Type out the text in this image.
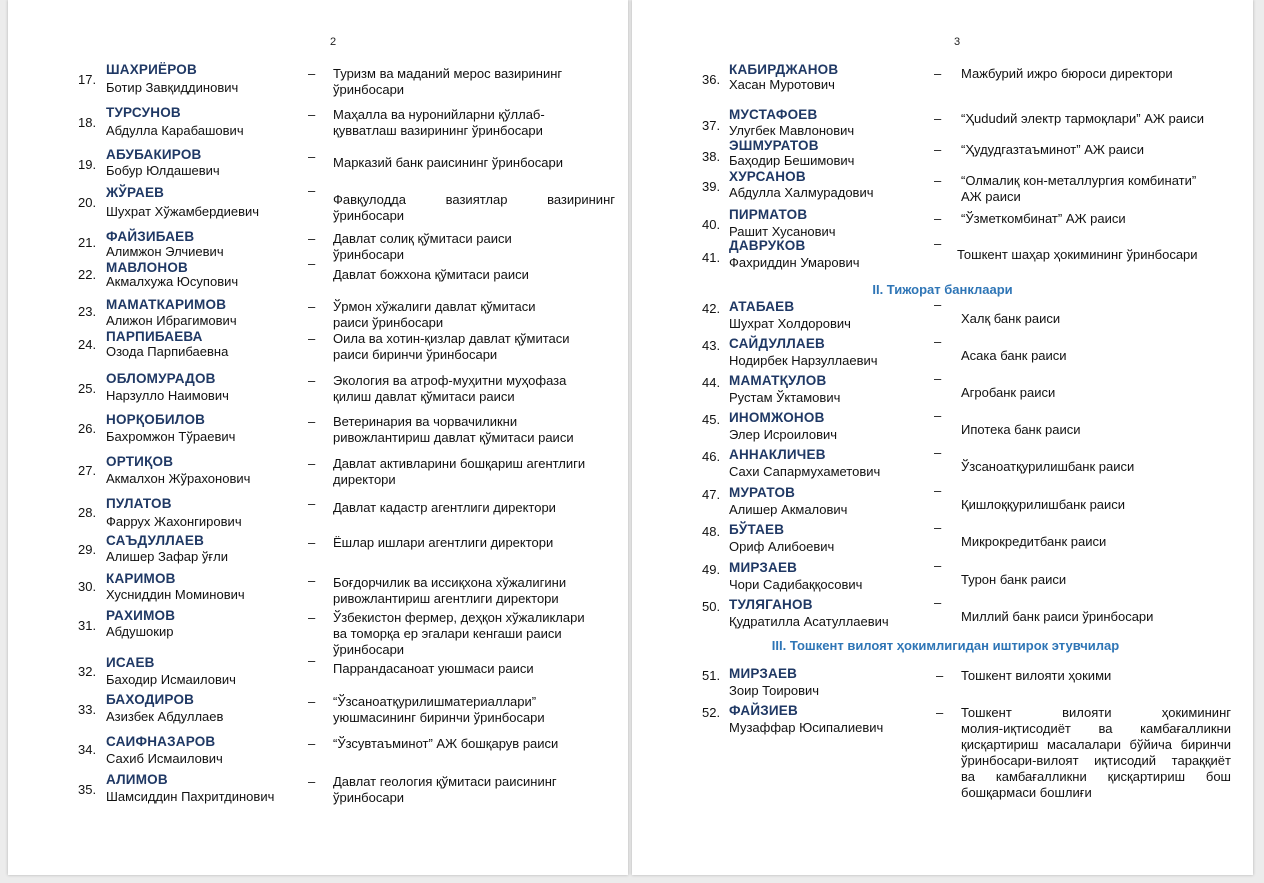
2
17.
ШАХРИЁРОВ
Ботир Завқиддинович
– Туризм ва маданий мерос вазирининг
ўринбосари
18.
ТУРСУНОВ
Абдулла Карабашович
– Маҳалла ва нуронийларни қўллаб-
қувватлаш вазирининг ўринбосари
19.
АБУБАКИРОВ
Бобур Юлдашевич
– Марказий банк раисининг ўринбосари
20.
ЖЎРАЕВ
Шухрат Хўжамбердиевич
–
Фавқулодда вазиятлар вазирининг
ўринбосари
21. ФАЙЗИБАЕВ
Алимжон Элчиевич
– Давлат солиқ қўмитаси раиси
ўринбосари
22. МАВЛОНОВ
Акмалхужа Юсупович
–
Давлат божхона қўмитаси раиси
23. МАМАТКАРИМОВ
Алижон Ибрагимович
– Ўрмон хўжалиги давлат қўмитаси
раиси ўринбосари
24.
ПАРПИБАЕВА
Озода Парпибаевна
– Оила ва хотин-қизлар давлат қўмитаси
раиси биринчи ўринбосари
25.
ОБЛОМУРАДОВ
Нарзулло Наимович
– Экология ва атроф-муҳитни муҳофаза
қилиш давлат қўмитаси раиси
26.
НОРҚОБИЛОВ
Бахромжон Тўраевич
– Ветеринария ва чорвачиликни
ривожлантириш давлат қўмитаси раиси
27.
ОРТИҚОВ
Акмалхон Жўрахонович
– Давлат активларини бошқариш агентлиги
директори
28.
ПУЛАТОВ
Фаррух Жахонгирович
– Давлат кадастр агентлиги директори
29.
САЪДУЛЛАЕВ
Алишер Зафар ўғли
– Ёшлар ишлари агентлиги директори
30.
КАРИМОВ
Хусниддин Моминович
– Боғдорчилик ва иссиқхона хўжалигини
ривожлантириш агентлиги директори
31.
РАХИМОВ
Абдушокир
– Ўзбекистон фермер, деҳқон хўжаликлари
ва томорқа ер эгалари кенгаши раиси
ўринбосари
32.
ИСАЕВ
Баходир Исмаилович
–
Паррандасаноат уюшмаси раиси
33.
БАХОДИРОВ
Азизбек Абдуллаев
– “Ўзсаноатқурилишматериаллари”
уюшмасининг биринчи ўринбосари
34.
САИФНАЗАРОВ
Сахиб Исмаилович
– “Ўзсувтаъминот” АЖ бошқарув раиси
35.
АЛИМОВ
Шамсиддин Пахритдинович
– Давлат геология қўмитаси раисининг
ўринбосари
3
II. Тижорат банклаари
III. Тошкент вилоят ҳокимлигидан иштирок этувчилар
36.
КАБИРДЖАНОВ
Хасан Муротович
– Мажбурий ижро бюроси директори
37.
МУСТАФОЕВ
Улугбек Мавлонович
– “Ҳududий электр тармоқлари” АЖ раиси
38.
ЭШМУРАТОВ
Баҳодир Бешимович
– “Ҳудудгазтаъминот” АЖ раиси
39.
ХУРСАНОВ
Абдулла Халмурадович
– “Олмалиқ кон-металлургия комбинати”
АЖ раиси
40.
ПИРМАТОВ
Рашит Хусанович
– “Ўзметкомбинат” АЖ раиси
41.
ДАВРУКОВ
Фахриддин Умарович
–
Тошкент шаҳар ҳокимининг ўринбосари
42. АТАБАЕВ
Шухрат Холдорович
–
Халқ банк раиси
43. САЙДУЛЛАЕВ
Нодирбек Нарзуллаевич
–
Асака банк раиси
44. МАМАТҚУЛОВ
Рустам Ўктамович
–
Агробанк раиси
45. ИНОМЖОНОВ
Элер Исроилович
–
Ипотека банк раиси
46. АННАКЛИЧЕВ
Сахи Сапармухаметович
–
Ўзсаноатқурилишбанк раиси
47. МУРАТОВ
Алишер Акмалович
–
Қишлоққурилишбанк раиси
48. БЎТАЕВ
Ориф Алибоевич
–
Микрокредитбанк раиси
49. МИРЗАЕВ
Чори Садибаққосович
–
Турон банк раиси
50. ТУЛЯГАНОВ
Қудратилла Асатуллаевич
–
Миллий банк раиси ўринбосари
51. МИРЗАЕВ
Зоир Тоирович
– Тошкент вилояти ҳокими
52. ФАЙЗИЕВ
Музаффар Юсипалиевич
– Тошкент вилояти ҳокимининг
молия-иқтисодиёт ва камбағалликни
қисқартириш масалалари бўйича биринчи
ўринбосари-вилоят иқтисодий тараққиёт
ва камбағалликни қисқартириш бош
бошқармаси бошлиғи
